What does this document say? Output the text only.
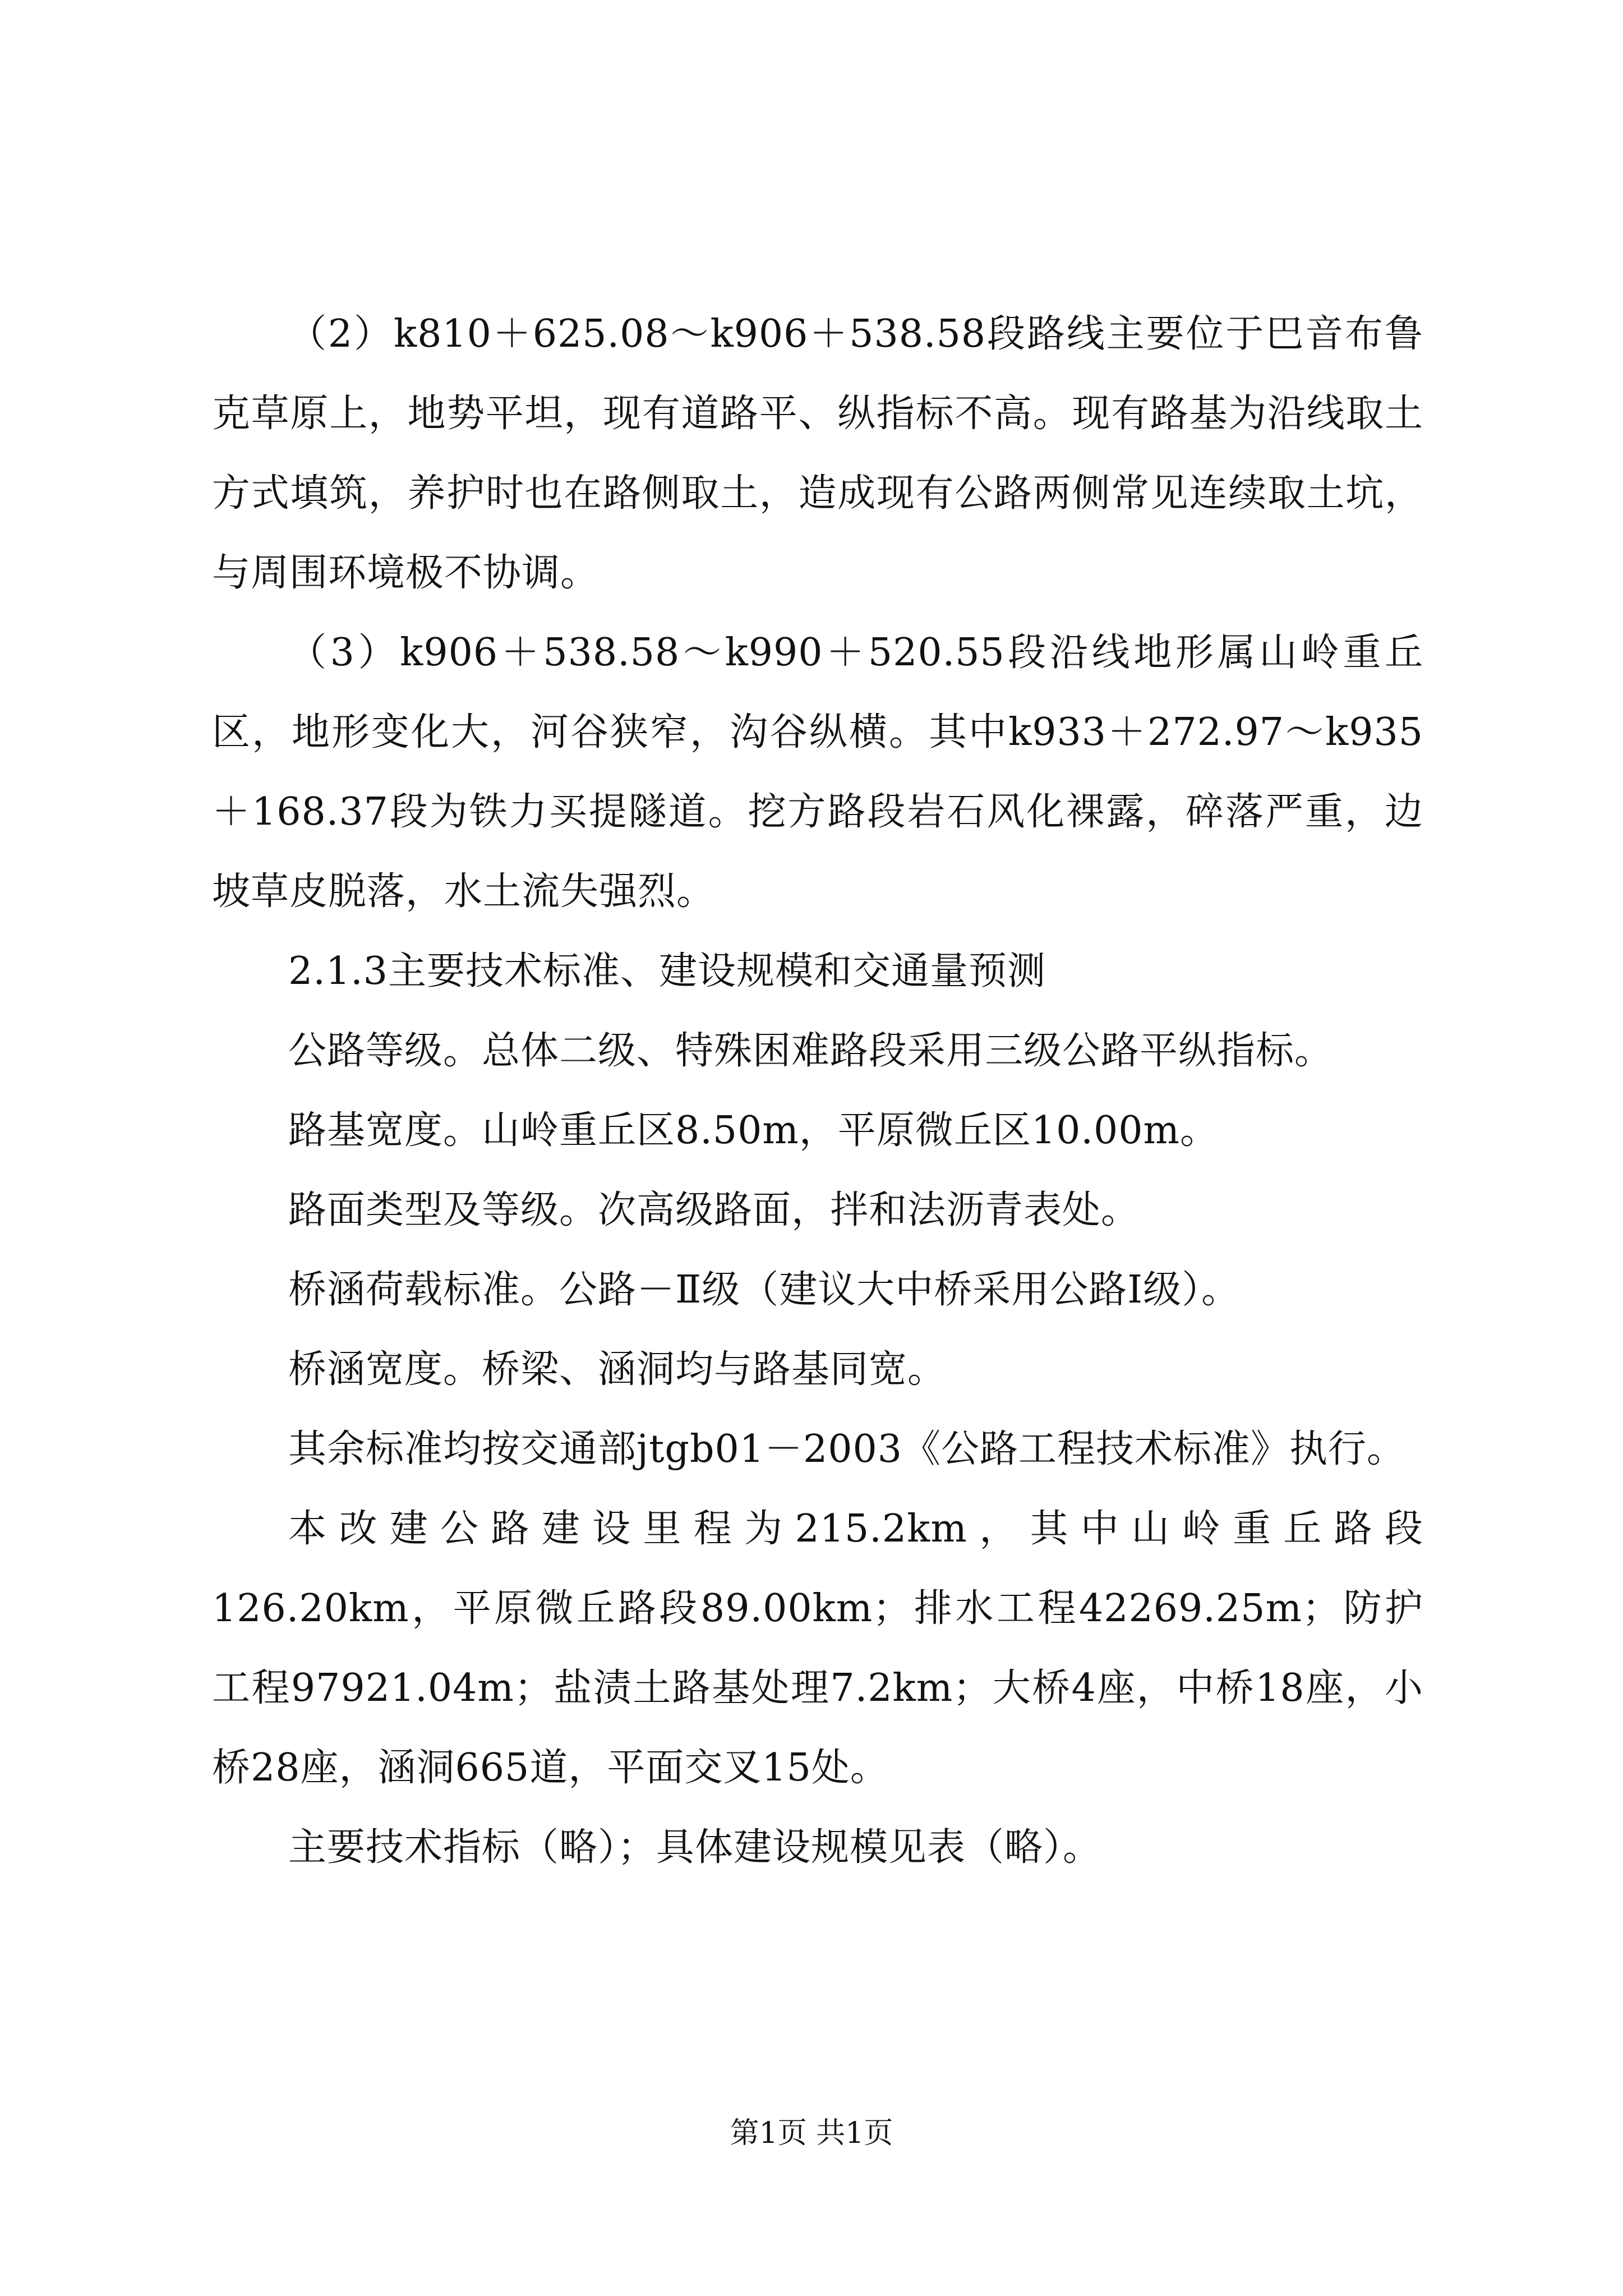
（2）k810＋625.08～k906＋538.58段路线主要位于巴音布鲁克草原上，地势平坦，现有道路平、纵指标不高。现有路基为沿线取土方式填筑，养护时也在路侧取土，造成现有公路两侧常见连续取土坑，与周围环境极不协调。

（3）k906＋538.58～k990＋520.55段沿线地形属山岭重丘区，地形变化大，河谷狭窄，沟谷纵横。其中k933＋272.97～k935＋168.37段为铁力买提隧道。挖方路段岩石风化裸露，碎落严重，边坡草皮脱落，水土流失强烈。

2.1.3主要技术标准、建设规模和交通量预测

公路等级。总体二级、特殊困难路段采用三级公路平纵指标。

路基宽度。山岭重丘区8.50m，平原微丘区10.00m。

路面类型及等级。次高级路面，拌和法沥青表处。

桥涵荷载标准。公路－Ⅱ级（建议大中桥采用公路Ⅰ级）。

桥涵宽度。桥梁、涵洞均与路基同宽。

其余标准均按交通部jtgb01－2003《公路工程技术标准》执行。

本改建公路建设里程为215.2km，其中山岭重丘路段126.20km，平原微丘路段89.00km；排水工程42269.25m；防护工程97921.04m；盐渍土路基处理7.2km；大桥4座，中桥18座，小桥28座，涵洞665道，平面交叉15处。

主要技术指标（略）；具体建设规模见表（略）。

第1页 共1页
